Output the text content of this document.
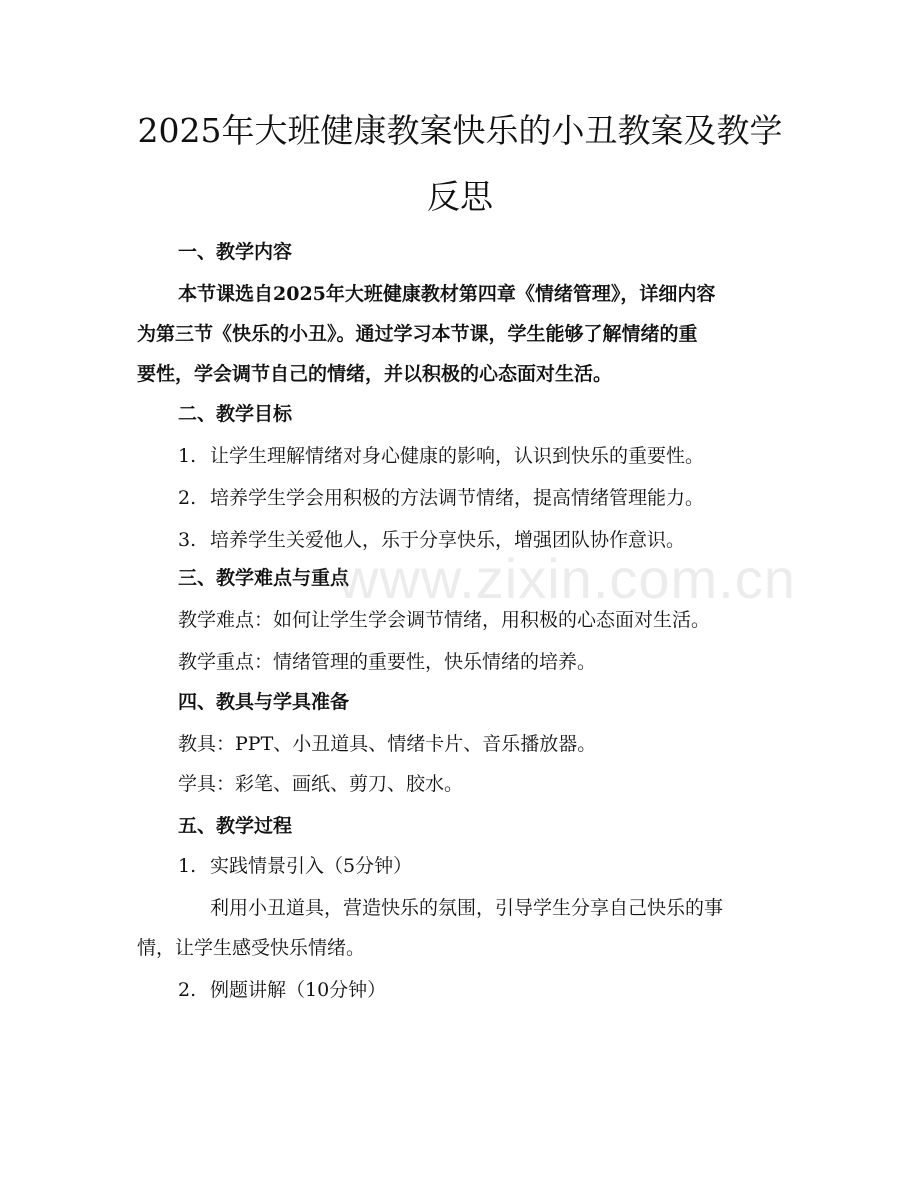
2025年大班健康教案快乐的小丑教案及教学
反思
一、教学内容
本节课选自2025年大班健康教材第四章《情绪管理》，详细内容
为第三节《快乐的小丑》。通过学习本节课，学生能够了解情绪的重
要性，学会调节自己的情绪，并以积极的心态面对生活。
二、教学目标
1. 让学生理解情绪对身心健康的影响，认识到快乐的重要性。
2. 培养学生学会用积极的方法调节情绪，提高情绪管理能力。
3. 培养学生关爱他人，乐于分享快乐，增强团队协作意识。
三、教学难点与重点
教学难点：如何让学生学会调节情绪，用积极的心态面对生活。
教学重点：情绪管理的重要性，快乐情绪的培养。
四、教具与学具准备
教具：PPT、小丑道具、情绪卡片、音乐播放器。
学具：彩笔、画纸、剪刀、胶水。
五、教学过程
1. 实践情景引入（5分钟）
利用小丑道具，营造快乐的氛围，引导学生分享自己快乐的事
情，让学生感受快乐情绪。
2. 例题讲解（10分钟）
www.zixin.com.cn
